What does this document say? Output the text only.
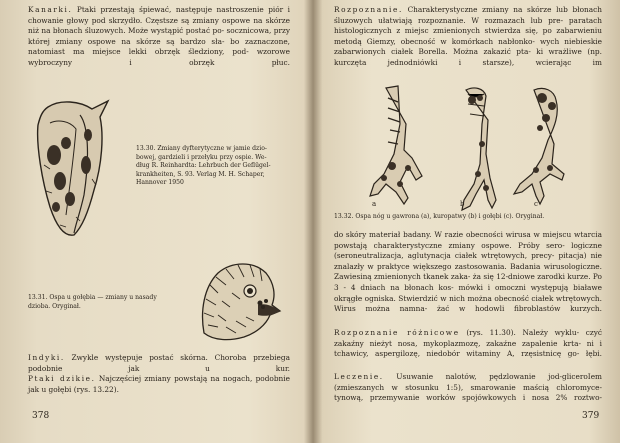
Kanarki. Ptaki przestają śpiewać, następuje nastroszenie piór i chowanie głowy pod skrzydło. Częstsze są zmiany ospowe na skórze niż na błonach śluzowych. Może wystąpić postać po- socznicowa, przy której zmiany ospowe na skórze są bardzo sła- bo zaznaczone, natomiast ma miejsce lekki obrzęk śledziony, pod- wzorowe wybroczyny i obrzęk płuc.

13.30. Zmiany dyfterytyczne w jamie dzio-
bowej, gardzieli i przełyku przy ospie. We-
dług R. Reinhardta: Lehrbuch der Geflügel-
krankheiten, S. 93. Verlag M. H. Schaper,
Hannover 1950

13.31. Ospa u gołębia — zmiany u nasady
dzioba. Oryginał.

Indyki. Zwykle występuje postać skórna. Choroba przebiega podobnie jak u kur.

Ptaki dzikie. Najczęściej zmiany powstają na nogach, podobnie jak u gołębi (rys. 13.22).

378

Rozpoznanie. Charakterystyczne zmiany na skórze lub błonach śluzowych ułatwiają rozpoznanie. W rozmazach lub pre- paratach histologicznych z miejsc zmienionych stwierdza się, po zabarwieniu metodą Giemzy, obecność w komórkach nabłonko- wych niebieskie zabarwionych ciałek Borella. Można zakazić pta- ki wrażliwe (np. kurczęta jednodniówki i starsze), wcierając im

a	b	c

13.32. Ospa nóg u gawrona (a), kuropatwy (b) i gołębi (c). Oryginał.

do skóry materiał badany. W razie obecności wirusa w miejscu wtarcia powstają charakterystyczne zmiany ospowe. Próby sero- logiczne (seroneutralizacja, aglutynacja ciałek wtrętowych, precy- pitacja) nie znalazły w praktyce większego zastosowania. Badania wirusologiczne. Zawiesiną zmienionych tkanek zaka- ża się 12-dniowe zarodki kurze. Po 3 - 4 dniach na błonach kos- mówki i omoczni występują białawe okrągłe ogniska. Stwierdzić w nich można obecność ciałek wtrętowych. Wirus można namna- żać w hodowli fibroblastów kurzych.

Rozpoznanie różnicowe (rys. 11.30). Należy wyklu- czyć zakaźny nieżyt nosa, mykoplazmozę, zakaźne zapalenie krta- ni i tchawicy, aspergilozę, niedobór witaminy A, rzęsistnicę go- łębi.

Leczenie. Usuwanie nalotów, pędzlowanie jod-gliceroIem (zmieszanych w stosunku 1:5), smarowanie maścią chloromyce- tynową, przemywanie worków spojówkowych i nosa 2% roztwo-

379
